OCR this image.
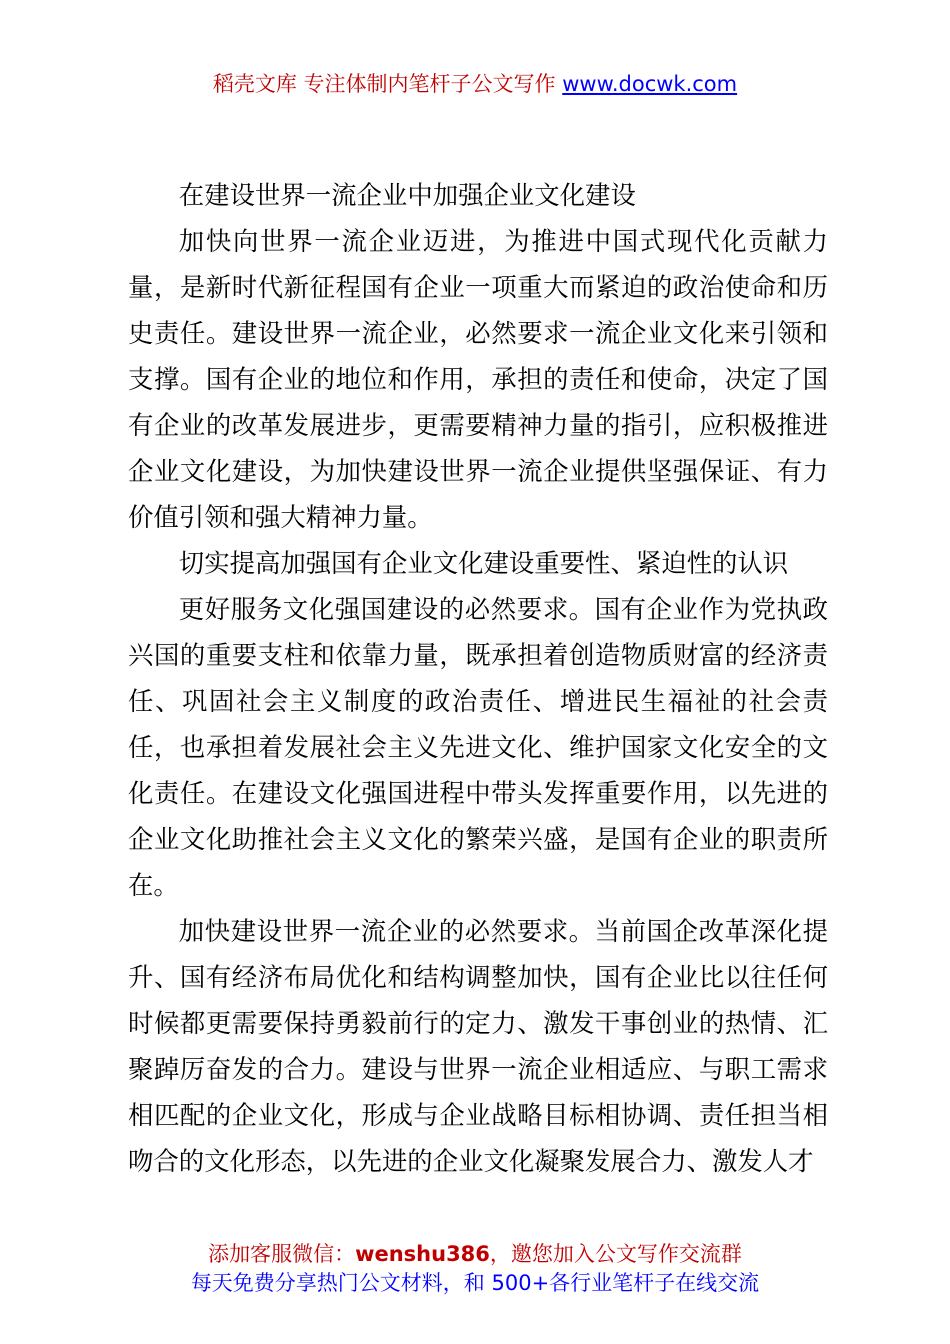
稻壳文库 专注体制内笔杆子公文写作 www.docwk.com

在建设世界一流企业中加强企业文化建设

加快向世界一流企业迈进，为推进中国式现代化贡献力量，是新时代新征程国有企业一项重大而紧迫的政治使命和历史责任。建设世界一流企业，必然要求一流企业文化来引领和支撑。国有企业的地位和作用，承担的责任和使命，决定了国有企业的改革发展进步，更需要精神力量的指引，应积极推进企业文化建设，为加快建设世界一流企业提供坚强保证、有力价值引领和强大精神力量。

切实提高加强国有企业文化建设重要性、紧迫性的认识

更好服务文化强国建设的必然要求。国有企业作为党执政兴国的重要支柱和依靠力量，既承担着创造物质财富的经济责任、巩固社会主义制度的政治责任、增进民生福祉的社会责任，也承担着发展社会主义先进文化、维护国家文化安全的文化责任。在建设文化强国进程中带头发挥重要作用，以先进的企业文化助推社会主义文化的繁荣兴盛，是国有企业的职责所在。

加快建设世界一流企业的必然要求。当前国企改革深化提升、国有经济布局优化和结构调整加快，国有企业比以往任何时候都更需要保持勇毅前行的定力、激发干事创业的热情、汇聚踔厉奋发的合力。建设与世界一流企业相适应、与职工需求相匹配的企业文化，形成与企业战略目标相协调、责任担当相吻合的文化形态，以先进的企业文化凝聚发展合力、激发人才

添加客服微信：wenshu386，邀您加入公文写作交流群
每天免费分享热门公文材料，和 500+各行业笔杆子在线交流
